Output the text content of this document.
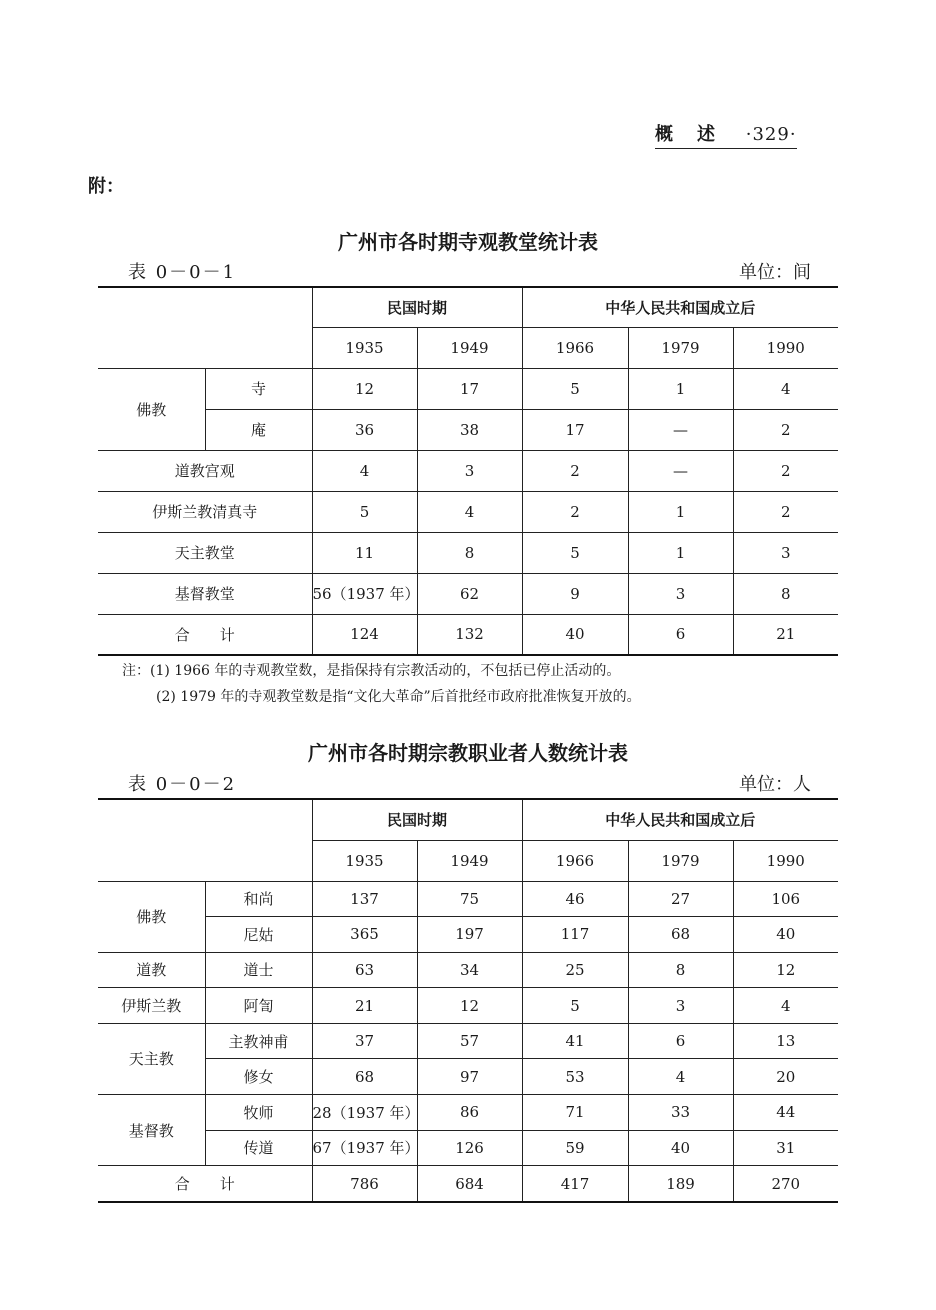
概述 ·329·
附：
广州市各时期寺观教堂统计表
表 0－0－1	单位：间
		民国时期		中华人民共和国成立后		
		1935	1949	1966	1979	1990
佛教	寺	12	17	5	1	4
	庵	36	38	17	—	2
道教宫观		4	3	2	—	2
伊斯兰教清真寺		5	4	2	1	2
天主教堂		11	8	5	1	3
基督教堂		56（1937 年）	62	9	3	8
合　　计		124	132	40	6	21
注：(1) 1966 年的寺观教堂数，是指保持有宗教活动的，不包括已停止活动的。
(2) 1979 年的寺观教堂数是指“文化大革命”后首批经市政府批准恢复开放的。
广州市各时期宗教职业者人数统计表
表 0－0－2	单位：人
		民国时期		中华人民共和国成立后		
		1935	1949	1966	1979	1990
佛教	和尚	137	75	46	27	106
	尼姑	365	197	117	68	40
道教	道士	63	34	25	8	12
伊斯兰教	阿訇	21	12	5	3	4
天主教	主教神甫	37	57	41	6	13
	修女	68	97	53	4	20
基督教	牧师	28（1937 年）	86	71	33	44
	传道	67（1937 年）	126	59	40	31
合　　计		786	684	417	189	270
